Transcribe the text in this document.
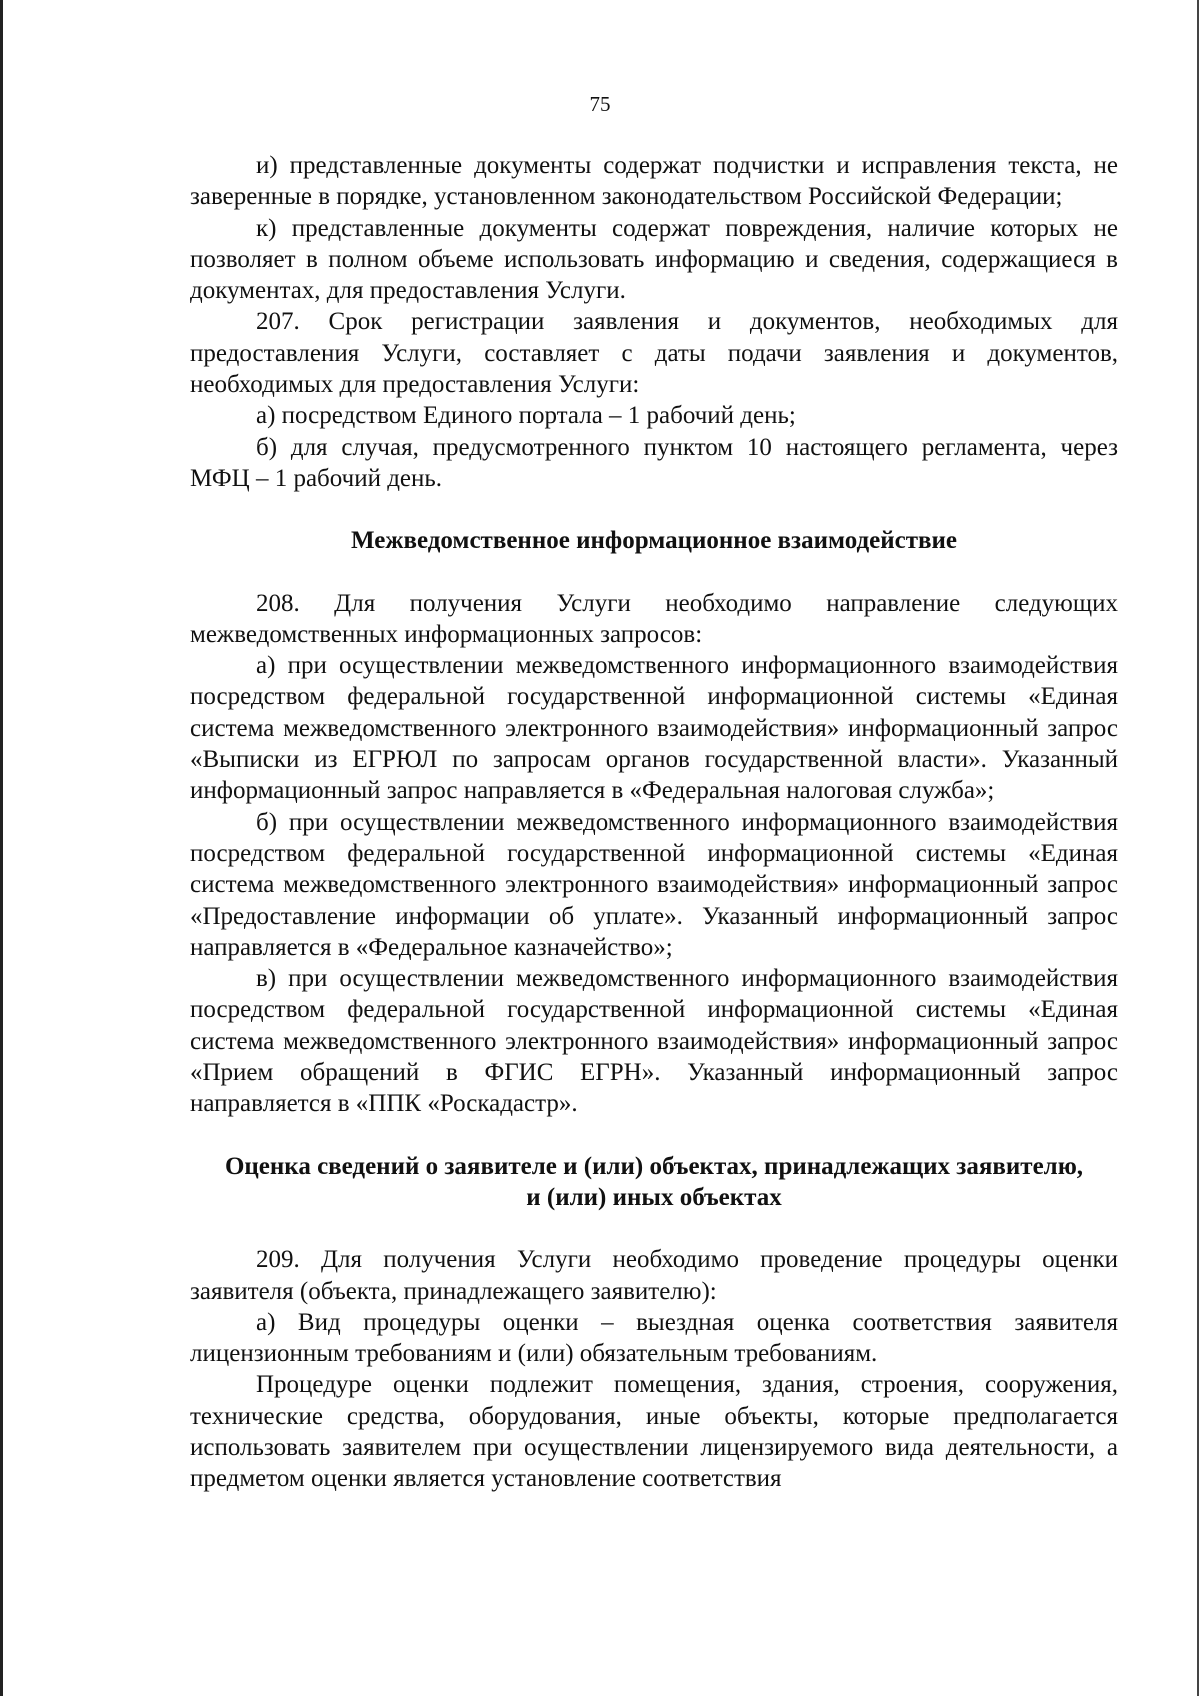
75

и) представленные документы содержат подчистки и исправления текста, не заверенные в порядке, установленном законодательством Российской Федерации;

к) представленные документы содержат повреждения, наличие которых не позволяет в полном объеме использовать информацию и сведения, содержащиеся в документах, для предоставления Услуги.

207. Срок регистрации заявления и документов, необходимых для предоставления Услуги, составляет с даты подачи заявления и документов, необходимых для предоставления Услуги:

а) посредством Единого портала – 1 рабочий день;

б) для случая, предусмотренного пунктом 10 настоящего регламента, через МФЦ – 1 рабочий день.

Межведомственное информационное взаимодействие

208. Для получения Услуги необходимо направление следующих межведомственных информационных запросов:

а) при осуществлении межведомственного информационного взаимодействия посредством федеральной государственной информационной системы «Единая система межведомственного электронного взаимодействия» информационный запрос «Выписки из ЕГРЮЛ по запросам органов государственной власти». Указанный информационный запрос направляется в «Федеральная налоговая служба»;

б) при осуществлении межведомственного информационного взаимодействия посредством федеральной государственной информационной системы «Единая система межведомственного электронного взаимодействия» информационный запрос «Предоставление информации об уплате». Указанный информационный запрос направляется в «Федеральное казначейство»;

в) при осуществлении межведомственного информационного взаимодействия посредством федеральной государственной информационной системы «Единая система межведомственного электронного взаимодействия» информационный запрос «Прием обращений в ФГИС ЕГРН». Указанный информационный запрос направляется в «ППК «Роскадастр».

Оценка сведений о заявителе и (или) объектах, принадлежащих заявителю,
и (или) иных объектах

209. Для получения Услуги необходимо проведение процедуры оценки заявителя (объекта, принадлежащего заявителю):

а) Вид процедуры оценки – выездная оценка соответствия заявителя лицензионным требованиям и (или) обязательным требованиям.

Процедуре оценки подлежит помещения, здания, строения, сооружения, технические средства, оборудования, иные объекты, которые предполагается использовать заявителем при осуществлении лицензируемого вида деятельности, а предметом оценки является установление соответствия
